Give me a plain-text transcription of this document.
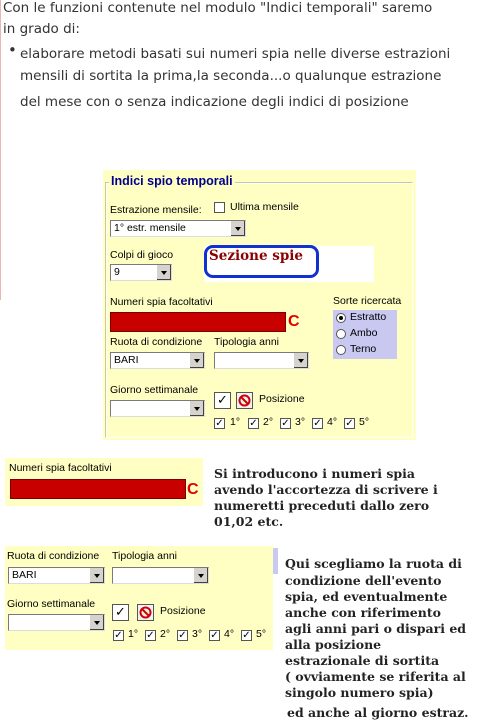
Con le funzioni contenute nel modulo "Indici temporali" saremo
in grado di:
• elaborare metodi basati sui numeri spia nelle diverse estrazioni
mensili di sortita la prima,la seconda...o qualunque estrazione
del mese con o senza indicazione degli indici di posizione
Indici spio temporali
Estrazione mensile:	Ultima mensile
1° estr. mensile
Colpi di gioco
9
Sezione spie
Numeri spia facoltativi
C
Sorte ricercata
Estratto
Ambo
Terno
Ruota di condizione
BARI
Tipologia anni
Giorno settimanale
✓	Posizione
✓ 1° ✓ 2° ✓ 3° ✓ 4° ✓ 5°
Numeri spia facoltativi
C
Si introducono i numeri spia
avendo l'accortezza di scrivere i
numeretti preceduti dallo zero
01,02 etc.
Ruota di condizione
BARI
Tipologia anni
Giorno settimanale
✓	Posizione
✓ 1° ✓ 2° ✓ 3° ✓ 4° ✓ 5°
Qui scegliamo la ruota di
condizione dell'evento
spia, ed eventualmente
anche con riferimento
agli anni pari o dispari ed
alla posizione
estrazionale di sortita
( ovviamente se riferita al
singolo numero spia)
ed anche al giorno estraz.
